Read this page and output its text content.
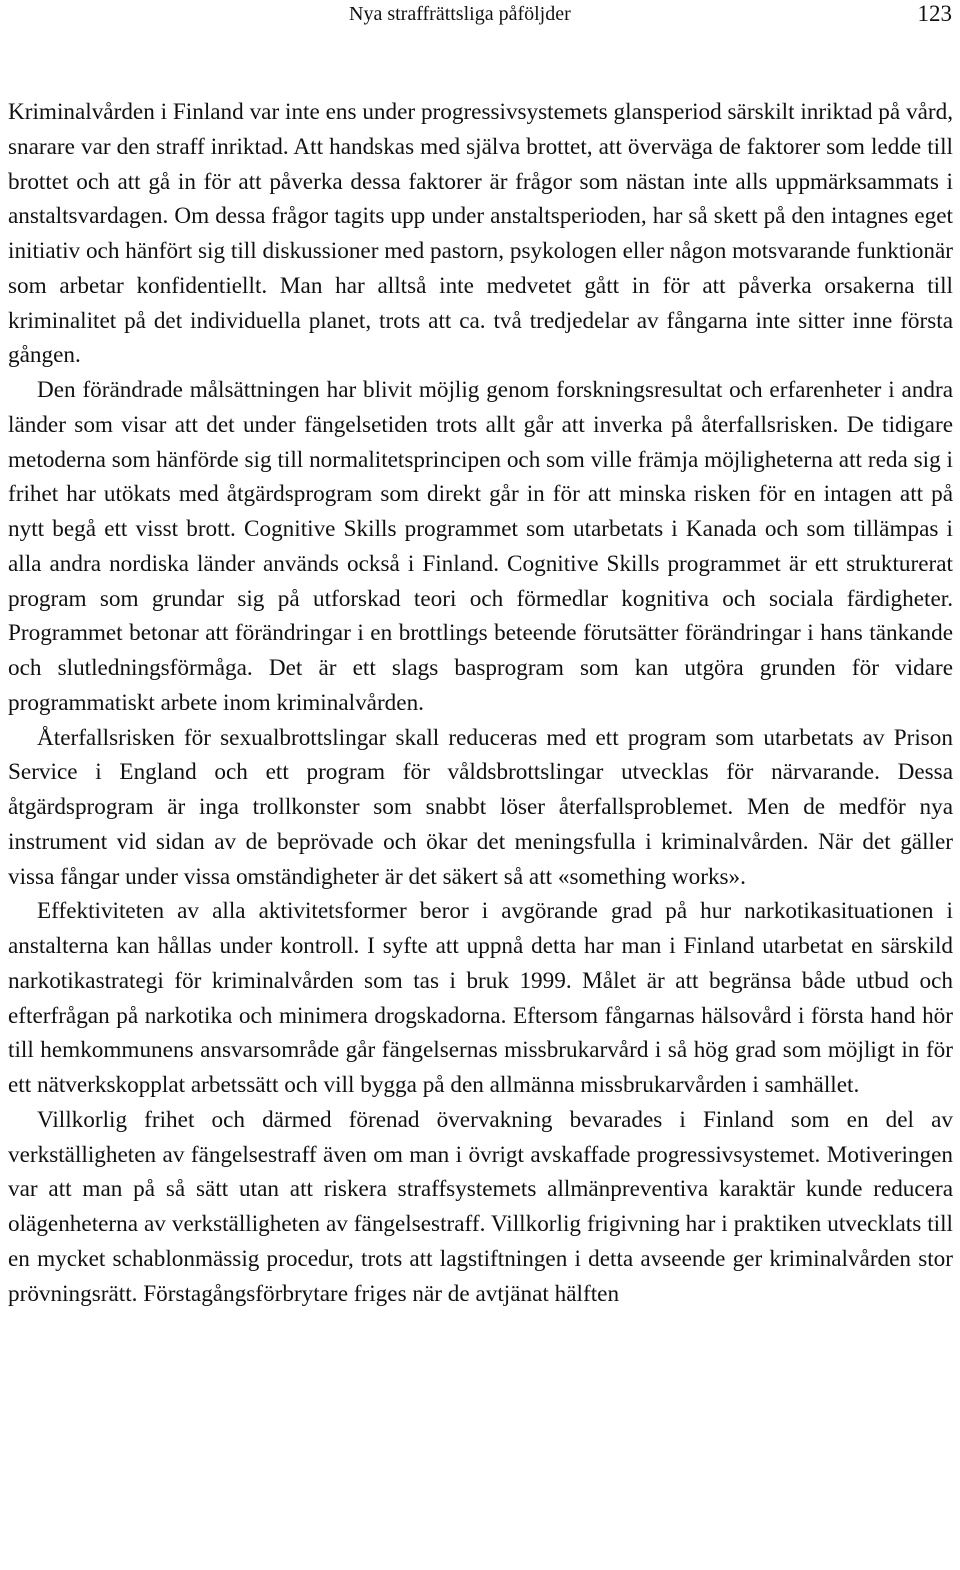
Nya straffrättsliga påföljder	123

Kriminalvården i Finland var inte ens under progressivsystemets glansperiod särskilt inriktad på vård, snarare var den straff inriktad. Att handskas med själva brottet, att överväga de faktorer som ledde till brottet och att gå in för att påverka dessa faktorer är frågor som nästan inte alls uppmärksammats i anstaltsvardagen. Om dessa frågor tagits upp under anstaltsperioden, har så skett på den intagnes eget initiativ och hänfört sig till diskussioner med pastorn, psykologen eller någon motsvarande funktionär som arbetar konfidentiellt. Man har alltså inte medvetet gått in för att påverka orsakerna till kriminalitet på det individuella planet, trots att ca. två tredjedelar av fångarna inte sitter inne första gången.

Den förändrade målsättningen har blivit möjlig genom forskningsresultat och erfarenheter i andra länder som visar att det under fängelsetiden trots allt går att inverka på återfallsrisken. De tidigare metoderna som hänförde sig till normalitetsprincipen och som ville främja möjligheterna att reda sig i frihet har utökats med åtgärdsprogram som direkt går in för att minska risken för en intagen att på nytt begå ett visst brott. Cognitive Skills programmet som utarbetats i Kanada och som tillämpas i alla andra nordiska länder används också i Finland. Cognitive Skills programmet är ett strukturerat program som grundar sig på utforskad teori och förmedlar kognitiva och sociala färdigheter. Programmet betonar att förändringar i en brottlings beteende förutsätter förändringar i hans tänkande och slutledningsförmåga. Det är ett slags basprogram som kan utgöra grunden för vidare programmatiskt arbete inom kriminalvården.

Återfallsrisken för sexualbrottslingar skall reduceras med ett program som utarbetats av Prison Service i England och ett program för våldsbrottslingar utvecklas för närvarande. Dessa åtgärdsprogram är inga trollkonster som snabbt löser återfallsproblemet. Men de medför nya instrument vid sidan av de beprövade och ökar det meningsfulla i kriminalvården. När det gäller vissa fångar under vissa omständigheter är det säkert så att «something works».

Effektiviteten av alla aktivitetsformer beror i avgörande grad på hur narkotikasituationen i anstalterna kan hållas under kontroll. I syfte att uppnå detta har man i Finland utarbetat en särskild narkotikastrategi för kriminalvården som tas i bruk 1999. Målet är att begränsa både utbud och efterfrågan på narkotika och minimera drogskadorna. Eftersom fångarnas hälsovård i första hand hör till hemkommunens ansvarsområde går fängelsernas missbrukarvård i så hög grad som möjligt in för ett nätverkskopplat arbetssätt och vill bygga på den allmänna missbrukarvården i samhället.

Villkorlig frihet och därmed förenad övervakning bevarades i Finland som en del av verkställigheten av fängelsestraff även om man i övrigt avskaffade progressivsystemet. Motiveringen var att man på så sätt utan att riskera straffsystemets allmänpreventiva karaktär kunde reducera olägenheterna av verkställigheten av fängelsestraff. Villkorlig frigivning har i praktiken utvecklats till en mycket schablonmässig procedur, trots att lagstiftningen i detta avseende ger kriminalvården stor prövningsrätt. Förstagångsförbrytare friges när de avtjänat hälften
